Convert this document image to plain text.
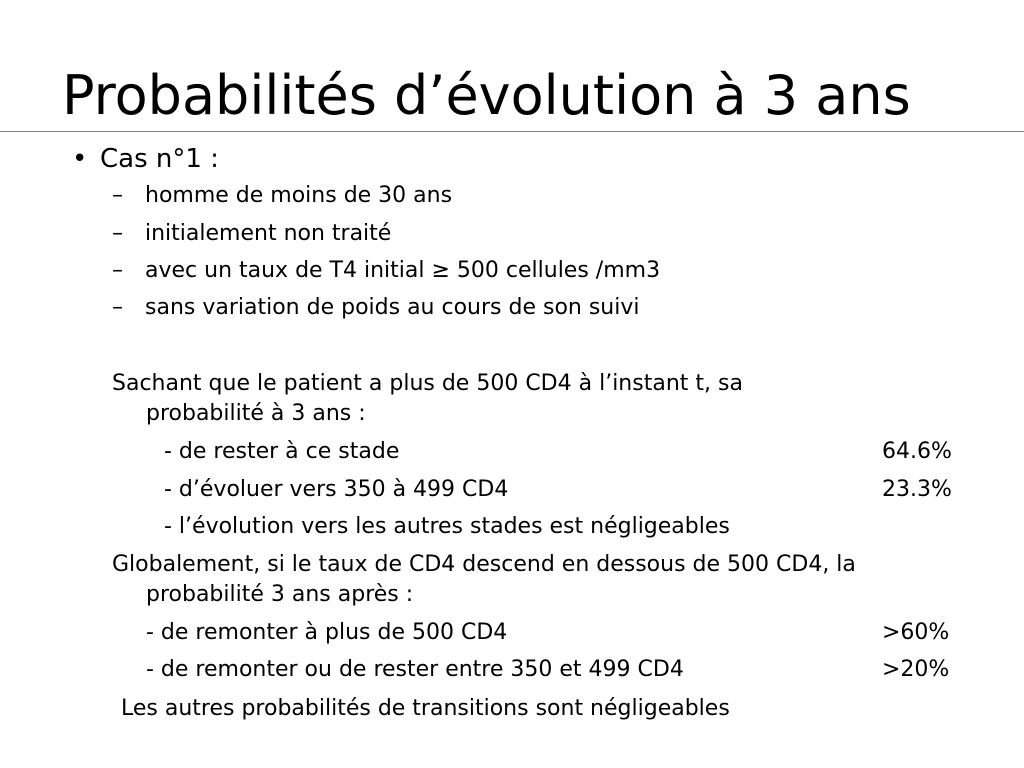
Probabilités d’évolution à 3 ans
• Cas n°1 :
– homme de moins de 30 ans
– initialement non traité
– avec un taux de T4 initial ≥ 500 cellules /mm3
– sans variation de poids au cours de son suivi
Sachant que le patient a plus de 500 CD4 à l’instant t, sa
probabilité à 3 ans :
- de rester à ce stade	64.6%
- d’évoluer vers 350 à 499 CD4	23.3%
- l’évolution vers les autres stades est négligeables
Globalement, si le taux de CD4 descend en dessous de 500 CD4, la
probabilité 3 ans après :
- de remonter à plus de 500 CD4	>60%
- de remonter ou de rester entre 350 et 499 CD4	>20%
Les autres probabilités de transitions sont négligeables
